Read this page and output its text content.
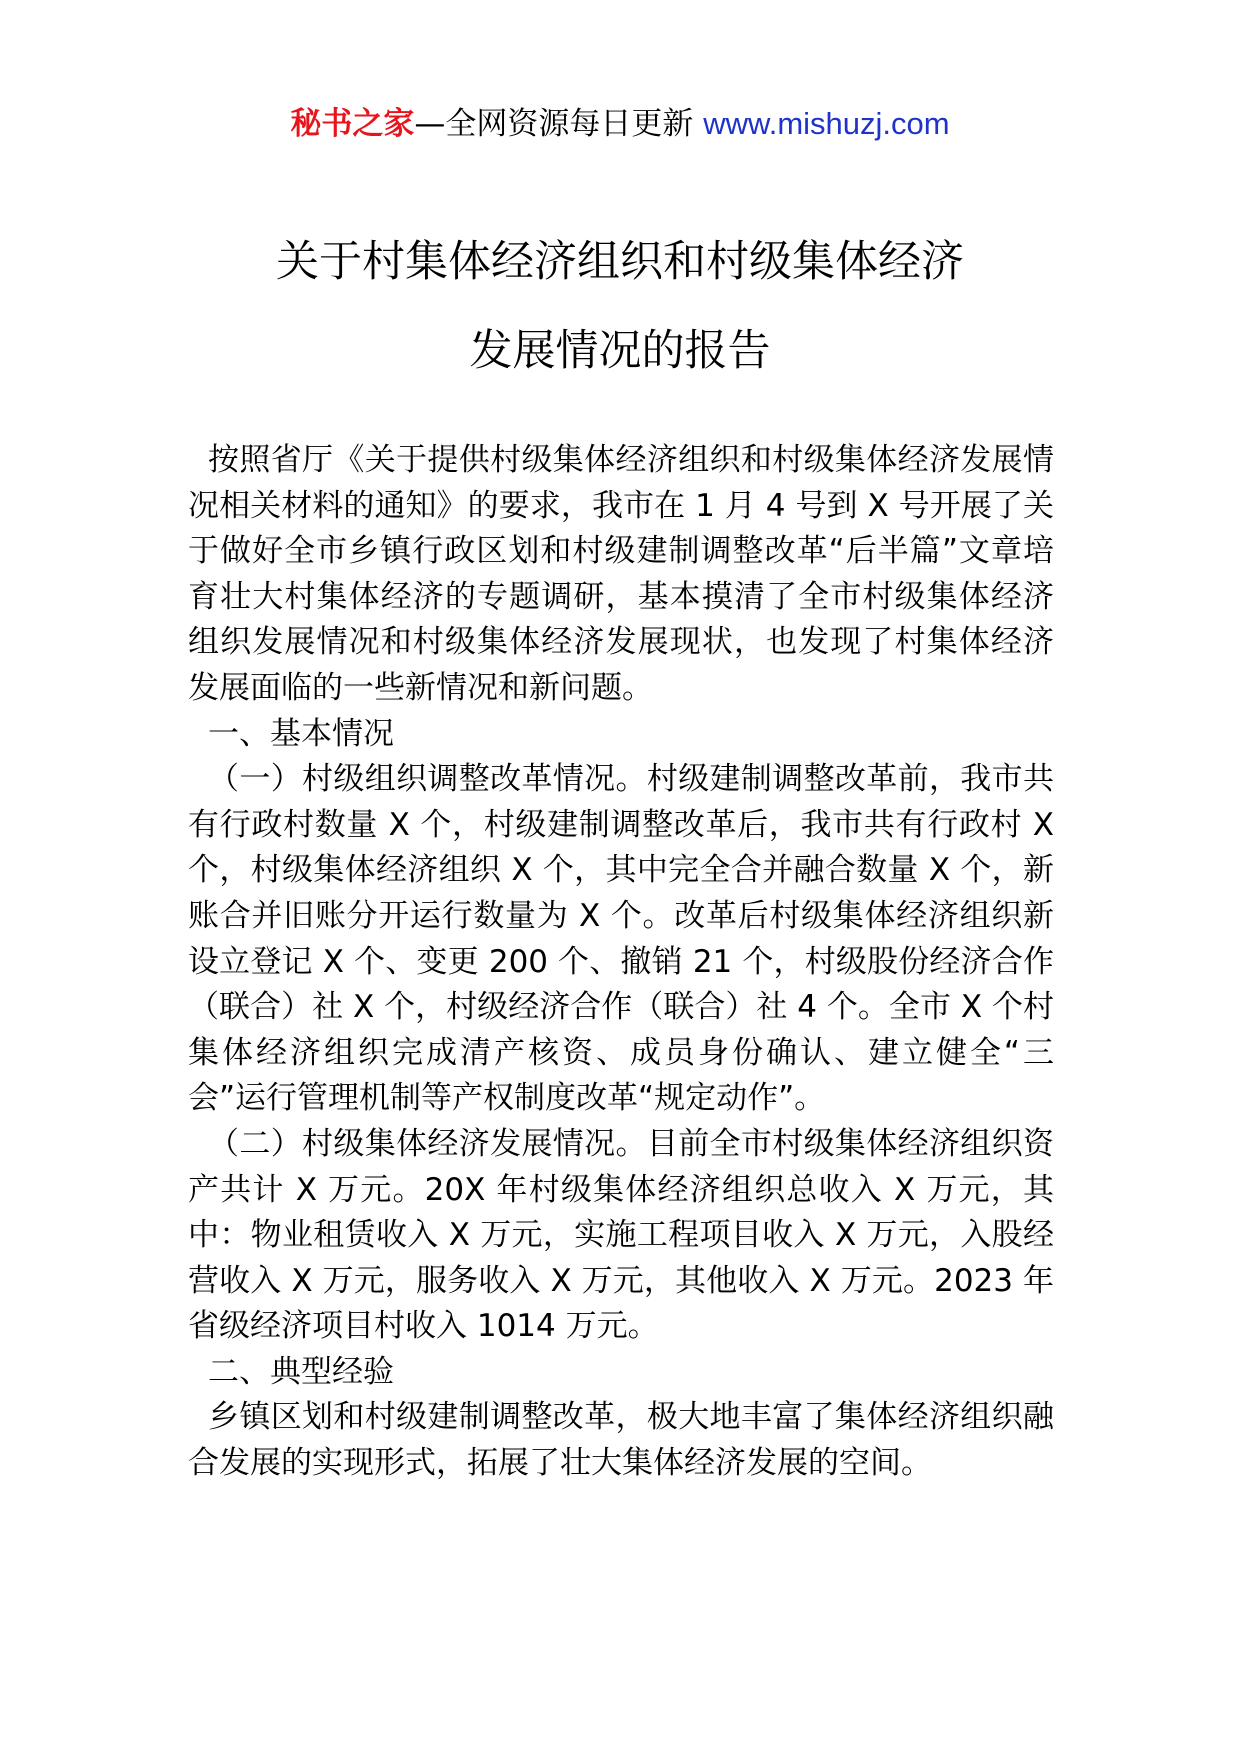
秘书之家—全网资源每日更新 www.mishuzj.com
关于村集体经济组织和村级集体经济
发展情况的报告

按照省厅《关于提供村级集体经济组织和村级集体经济发展情况相关材料的通知》的要求，我市在 1 月 4 号到 X 号开展了关于做好全市乡镇行政区划和村级建制调整改革“后半篇”文章培育壮大村集体经济的专题调研，基本摸清了全市村级集体经济组织发展情况和村级集体经济发展现状，也发现了村集体经济发展面临的一些新情况和新问题。

一、基本情况

（一）村级组织调整改革情况。村级建制调整改革前，我市共有行政村数量 X 个，村级建制调整改革后，我市共有行政村 X 个，村级集体经济组织 X 个，其中完全合并融合数量 X 个，新账合并旧账分开运行数量为 X 个。改革后村级集体经济组织新设立登记 X 个、变更 200 个、撤销 21 个，村级股份经济合作（联合）社 X 个，村级经济合作（联合）社 4 个。全市 X 个村集体经济组织完成清产核资、成员身份确认、建立健全“三会”运行管理机制等产权制度改革“规定动作”。

（二）村级集体经济发展情况。目前全市村级集体经济组织资产共计 X 万元。20X 年村级集体经济组织总收入 X 万元，其中：物业租赁收入 X 万元，实施工程项目收入 X 万元，入股经营收入 X 万元，服务收入 X 万元，其他收入 X 万元。2023 年省级经济项目村收入 1014 万元。

二、典型经验

乡镇区划和村级建制调整改革，极大地丰富了集体经济组织融合发展的实现形式，拓展了壮大集体经济发展的空间。
